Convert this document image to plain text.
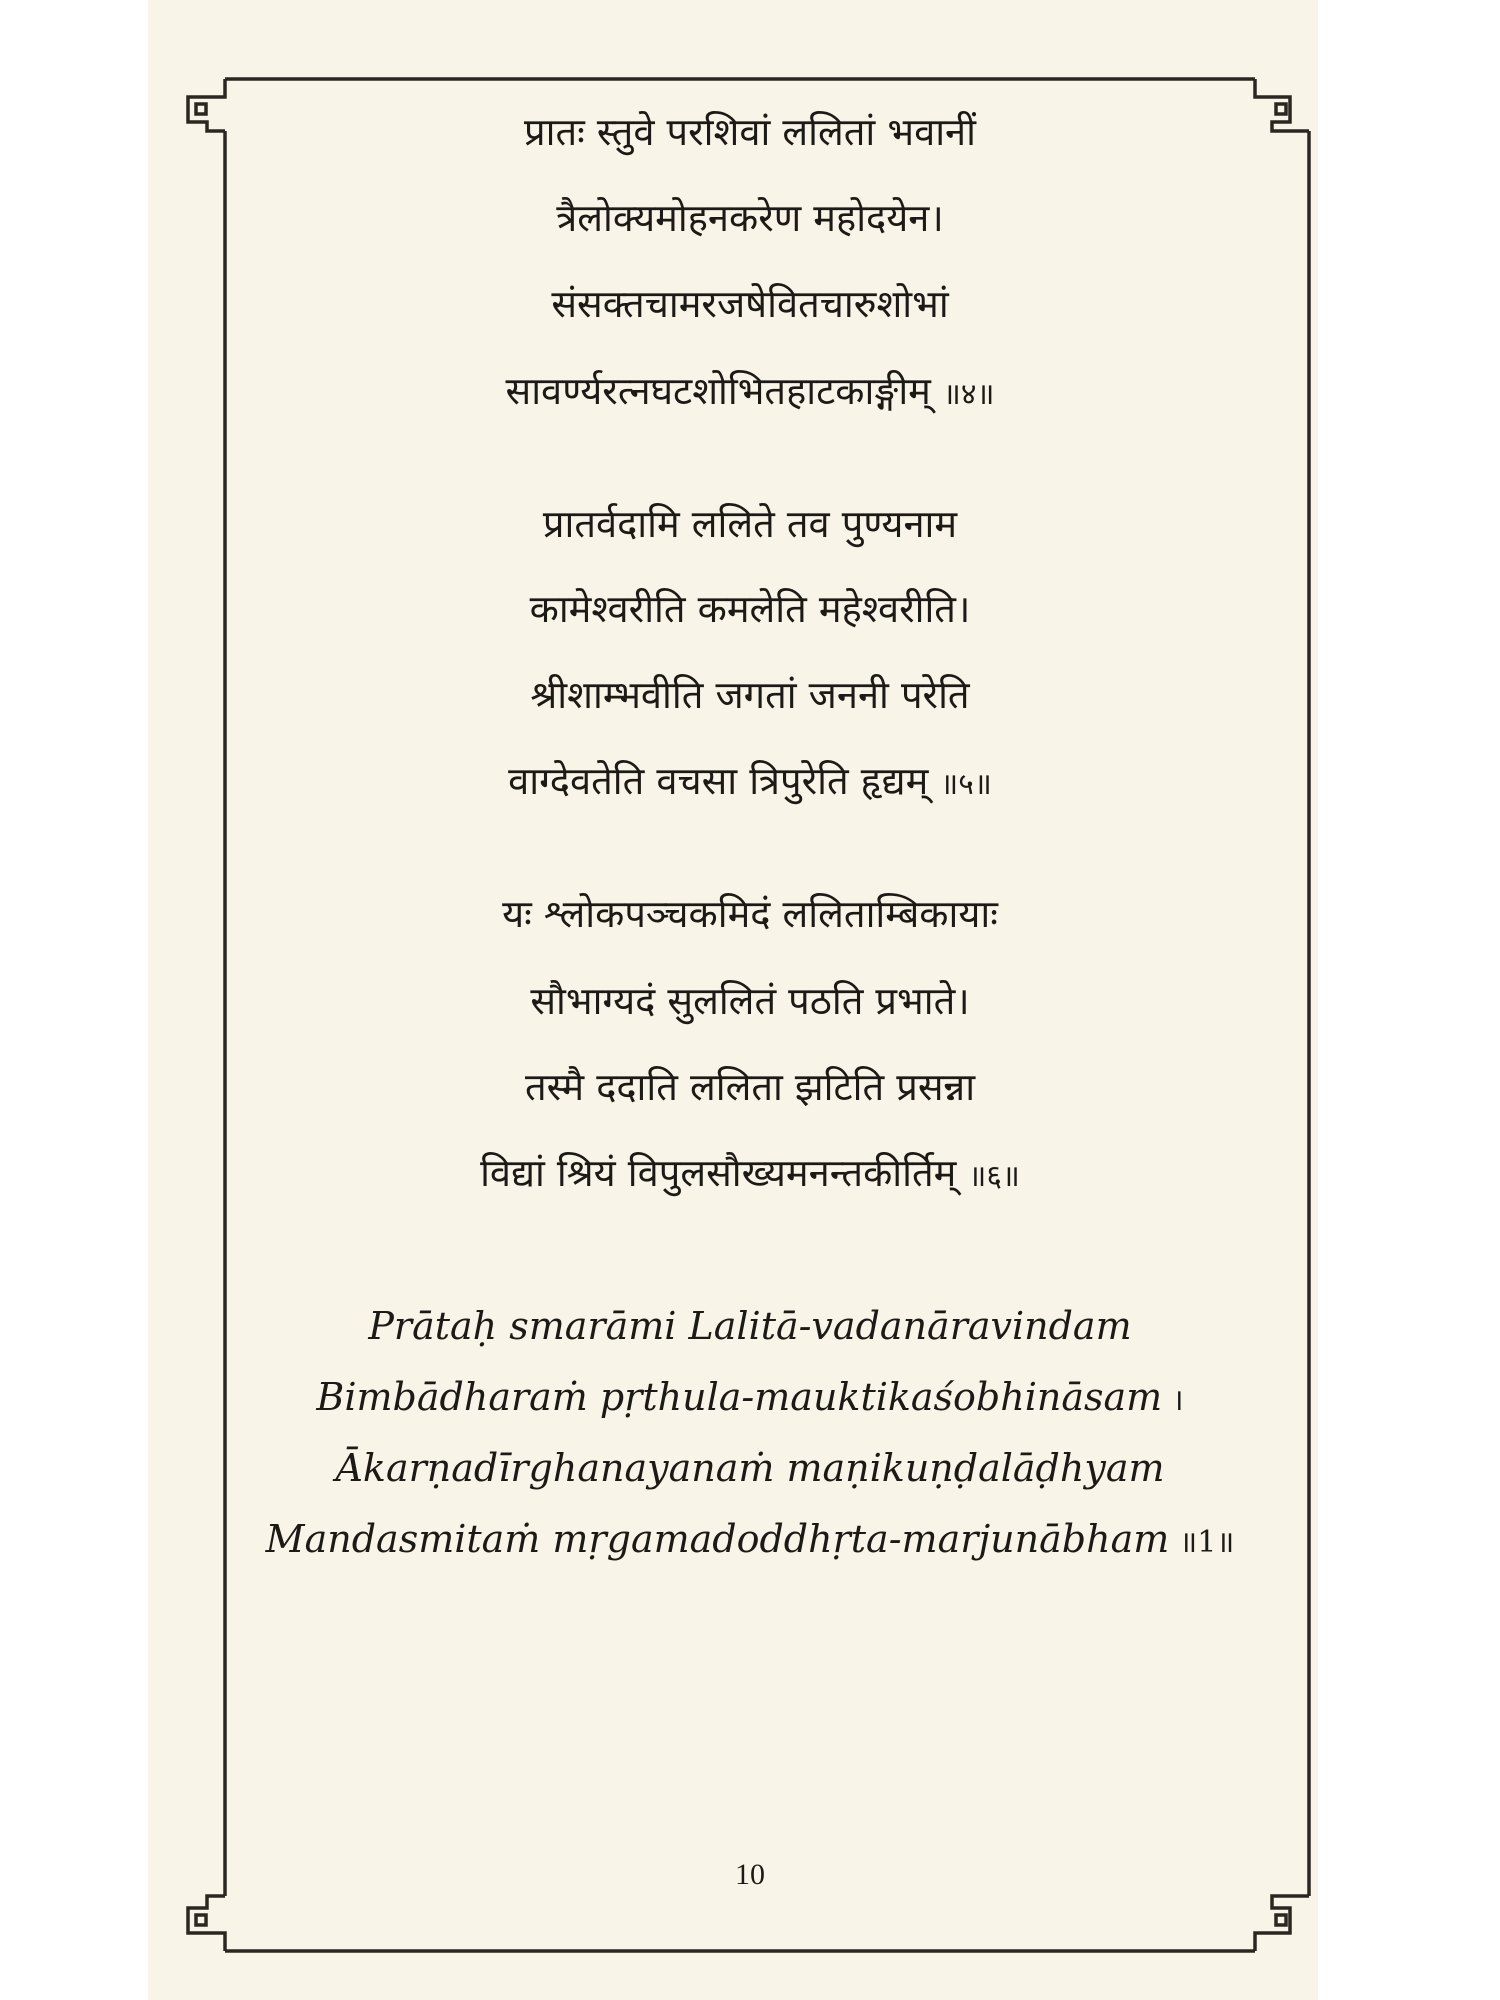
प्रातः स्तुवे परशिवां ललितां भवानीं
त्रैलोक्यमोहनकरेण महोदयेन।
संसक्तचामरजषेवितचारुशोभां
सावर्ण्यरत्नघटशोभितहाटकाङ्गीम् ॥४॥
प्रातर्वदामि ललिते तव पुण्यनाम
कामेश्वरीति कमलेति महेश्वरीति।
श्रीशाम्भवीति जगतां जननी परेति
वाग्देवतेति वचसा त्रिपुरेति हृद्यम् ॥५॥
यः श्लोकपञ्चकमिदं ललिताम्बिकायाः
सौभाग्यदं सुललितं पठति प्रभाते।
तस्मै ददाति ललिता झटिति प्रसन्ना
विद्यां श्रियं विपुलसौख्यमनन्तकीर्तिम् ॥६॥
Prātaḥ smarāmi Lalitā-vadanāravindam
Bimbādharaṁ pṛthula-mauktikaśobhināsam ।
Ākarṇadīrghanayanaṁ maṇikuṇḍalāḍhyam
Mandasmitaṁ mṛgamadoddhṛta-marjunābham ॥1॥
10
